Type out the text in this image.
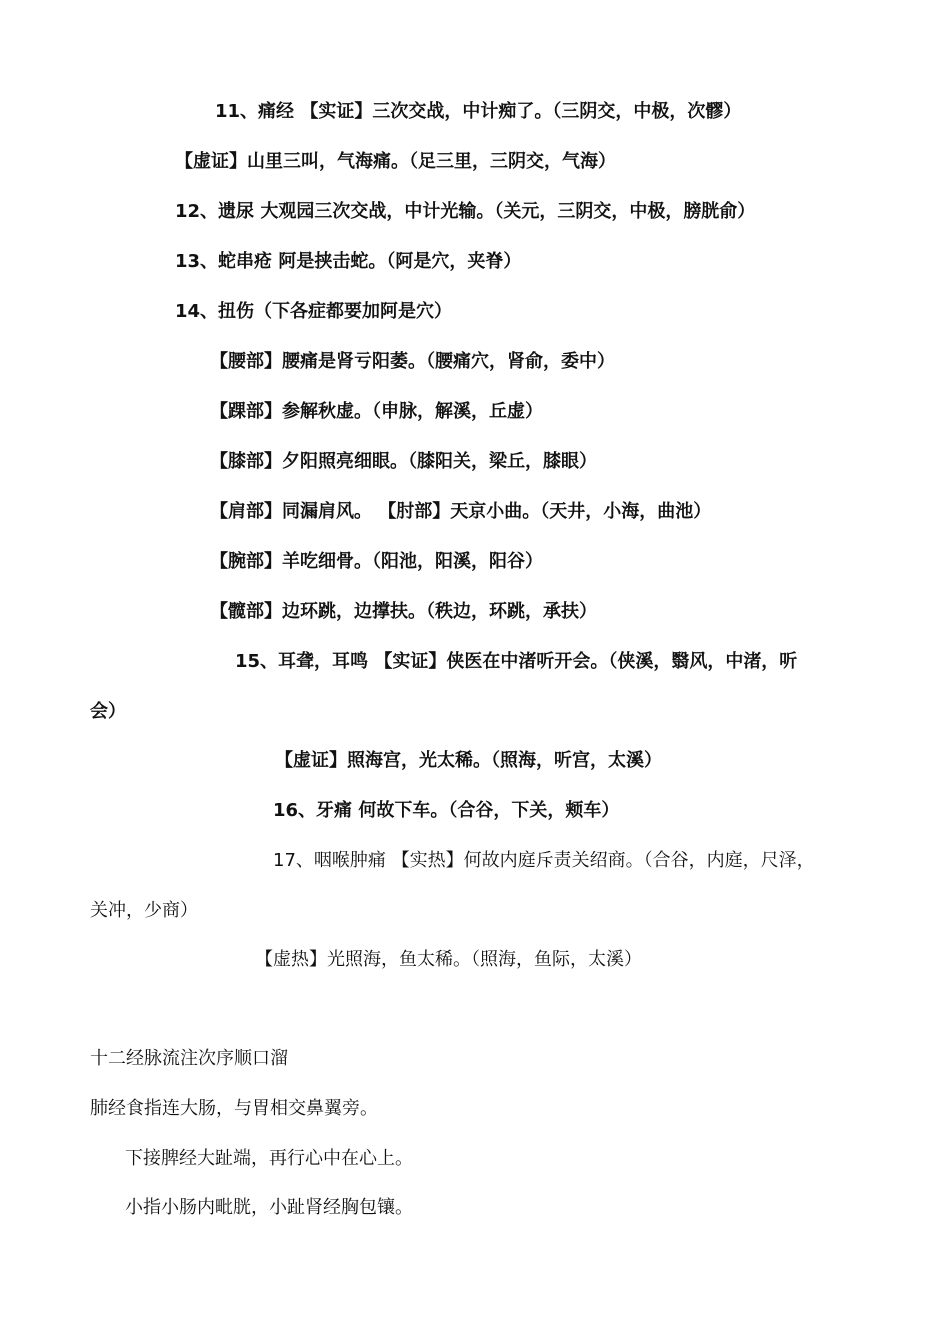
11、痛经 【实证】三次交战，中计痴了。（三阴交，中极，次髎）
【虚证】山里三叫，气海痛。（足三里，三阴交，气海）
12、遗尿 大观园三次交战，中计光输。（关元，三阴交，中极，膀胱俞）
13、蛇串疮 阿是挟击蛇。（阿是穴，夹脊）
14、扭伤（下各症都要加阿是穴）
【腰部】腰痛是肾亏阳萎。（腰痛穴，肾俞，委中）
【踝部】参解秋虚。（申脉，解溪，丘虚）
【膝部】夕阳照亮细眼。（膝阳关，梁丘，膝眼）
【肩部】同漏肩风。 【肘部】天京小曲。（天井，小海，曲池）
【腕部】羊吃细骨。（阳池，阳溪，阳谷）
【髋部】边环跳，边撑扶。（秩边，环跳，承扶）
15、耳聋，耳鸣 【实证】侠医在中渚听开会。（侠溪，翳风，中渚，听
会）
【虚证】照海宫，光太稀。（照海，听宫，太溪）
16、牙痛 何故下车。（合谷，下关，颊车）
17、咽喉肿痛 【实热】何故内庭斥责关绍商。（合谷，内庭，尺泽，
关冲，少商）
【虚热】光照海，鱼太稀。（照海，鱼际，太溪）
十二经脉流注次序顺口溜
肺经食指连大肠，与胃相交鼻翼旁。
下接脾经大趾端，再行心中在心上。
小指小肠内毗胱，小趾肾经胸包镶。
